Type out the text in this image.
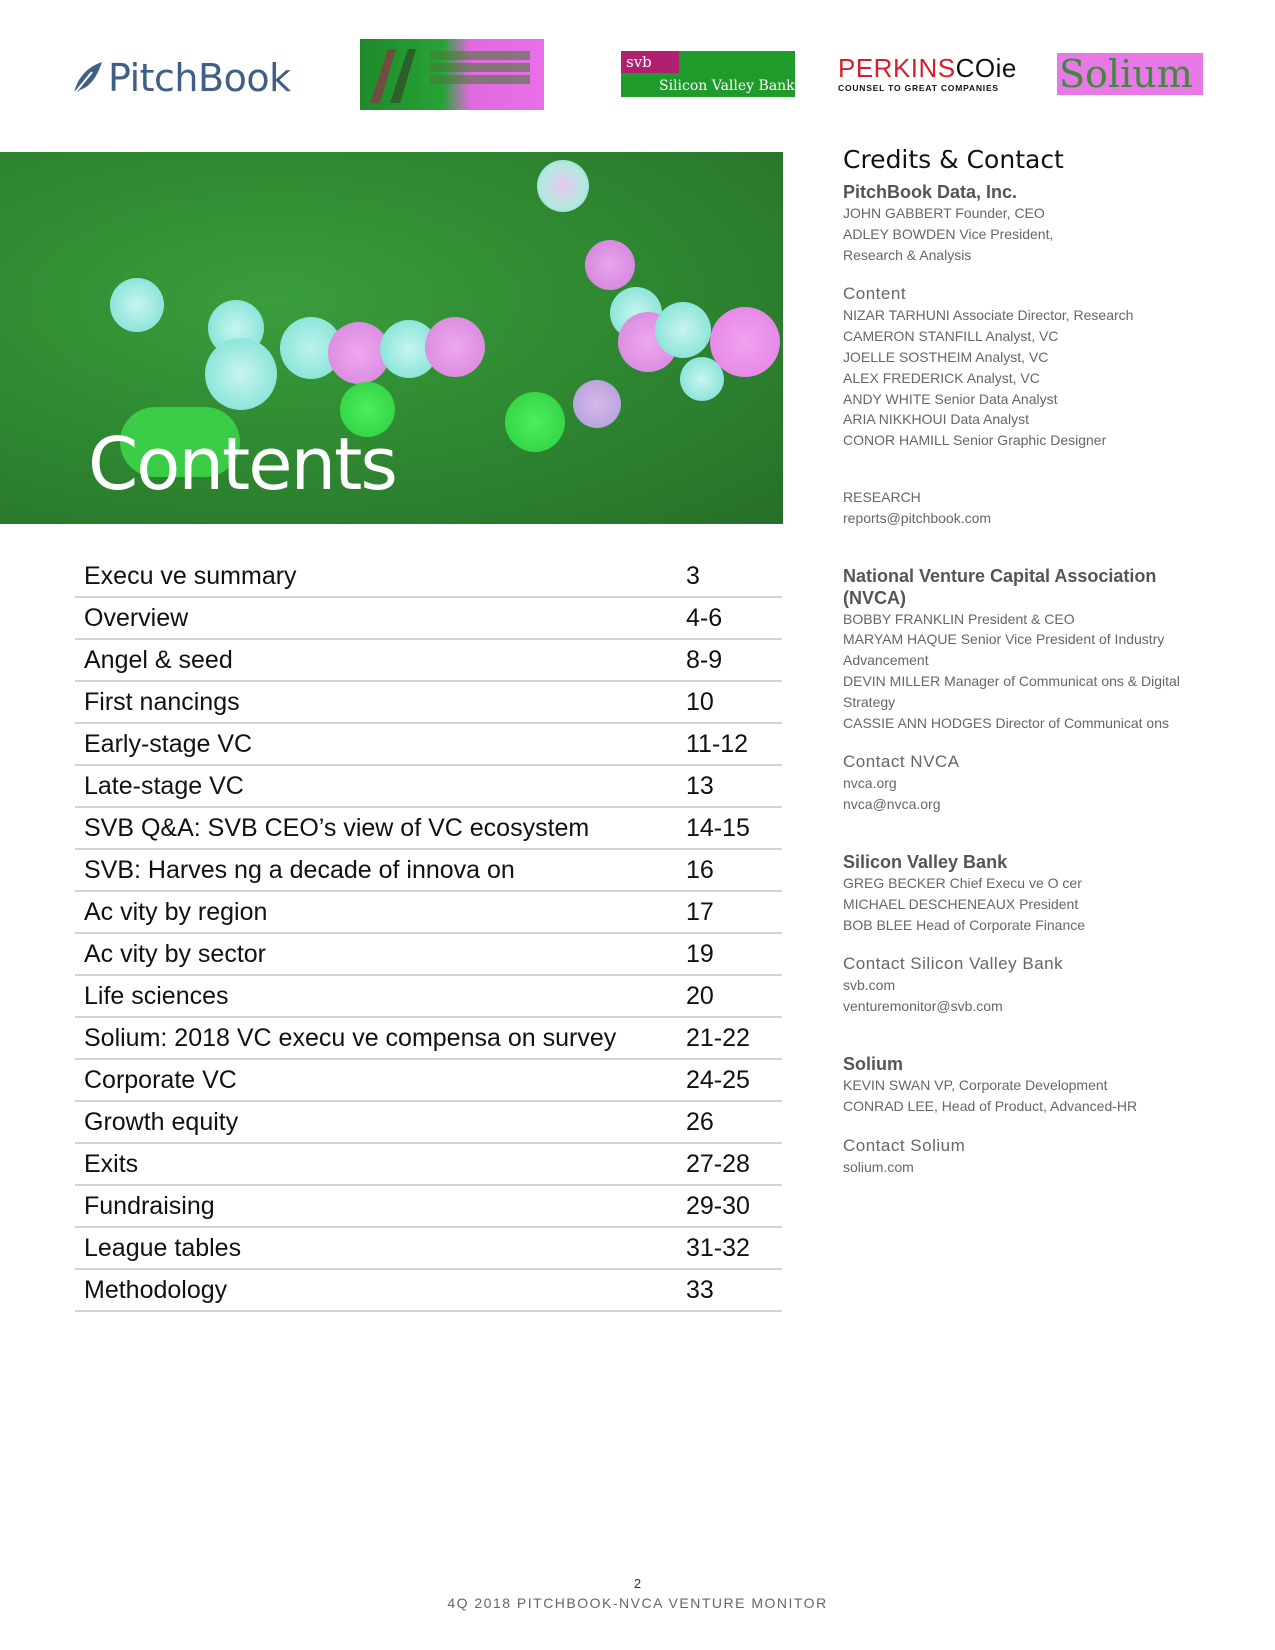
PitchBook	svb
Silicon Valley Bank
PERKINSCOie
COUNSEL TO GREAT COMPANIES	Solium
Contents
Execu ve summary	3
Overview	4-6
Angel & seed	8-9
First nancings	10
Early-stage VC	11-12
Late-stage VC	13
SVB Q&A: SVB CEO’s view of VC ecosystem	14-15
SVB: Harves ng a decade of innova on	16
Ac vity by region	17
Ac vity by sector	19
Life sciences	20
Solium: 2018 VC execu ve compensa on survey	21-22
Corporate VC	24-25
Growth equity	26
Exits	27-28
Fundraising	29-30
League tables	31-32
Methodology	33
Credits & Contact
PitchBook Data, Inc.
JOHN GABBERT Founder, CEO
ADLEY BOWDEN Vice President,
Research & Analysis
Content
NIZAR TARHUNI Associate Director, Research
CAMERON STANFILL Analyst, VC
JOELLE SOSTHEIM Analyst, VC
ALEX FREDERICK Analyst, VC
ANDY WHITE Senior Data Analyst
ARIA NIKKHOUI Data Analyst
CONOR HAMILL Senior Graphic Designer
RESEARCH
reports@pitchbook.com
National Venture Capital Association (NVCA)
BOBBY FRANKLIN President & CEO
MARYAM HAQUE Senior Vice President of Industry
Advancement
DEVIN MILLER Manager of Communicat ons & Digital
Strategy
CASSIE ANN HODGES Director of Communicat ons
Contact NVCA
nvca.org
nvca@nvca.org
Silicon Valley Bank
GREG BECKER Chief Execu ve O cer
MICHAEL DESCHENEAUX President
BOB BLEE Head of Corporate Finance
Contact Silicon Valley Bank
svb.com
venturemonitor@svb.com
Solium
KEVIN SWAN VP, Corporate Development
CONRAD LEE, Head of Product, Advanced-HR
Contact Solium
solium.com
2
4Q 2018 PITCHBOOK-NVCA VENTURE MONITOR
